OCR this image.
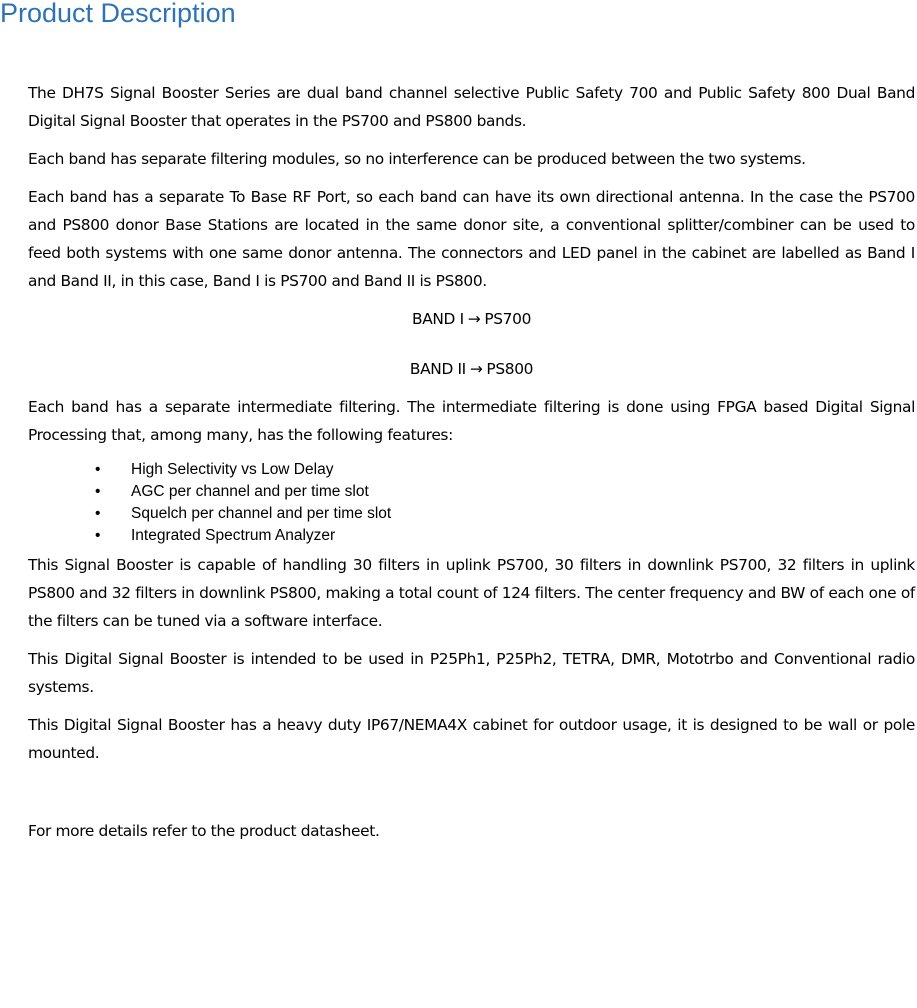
Product Description

The DH7S Signal Booster Series are dual band channel selective Public Safety 700 and Public Safety 800 Dual Band Digital Signal Booster that operates in the PS700 and PS800 bands.

Each band has separate filtering modules, so no interference can be produced between the two systems.

Each band has a separate To Base RF Port, so each band can have its own directional antenna. In the case the PS700 and PS800 donor Base Stations are located in the same donor site, a conventional splitter/combiner can be used to feed both systems with one same donor antenna. The connectors and LED panel in the cabinet are labelled as Band I and Band II, in this case, Band I is PS700 and Band II is PS800.

BAND I → PS700

BAND II → PS800

Each band has a separate intermediate filtering. The intermediate filtering is done using FPGA based Digital Signal Processing that, among many, has the following features:

• High Selectivity vs Low Delay
• AGC per channel and per time slot
• Squelch per channel and per time slot
• Integrated Spectrum Analyzer

This Signal Booster is capable of handling 30 filters in uplink PS700, 30 filters in downlink PS700, 32 filters in uplink PS800 and 32 filters in downlink PS800, making a total count of 124 filters. The center frequency and BW of each one of the filters can be tuned via a software interface.

This Digital Signal Booster is intended to be used in P25Ph1, P25Ph2, TETRA, DMR, Mototrbo and Conventional radio systems.

This Digital Signal Booster has a heavy duty IP67/NEMA4X cabinet for outdoor usage, it is designed to be wall or pole mounted.

For more details refer to the product datasheet.
